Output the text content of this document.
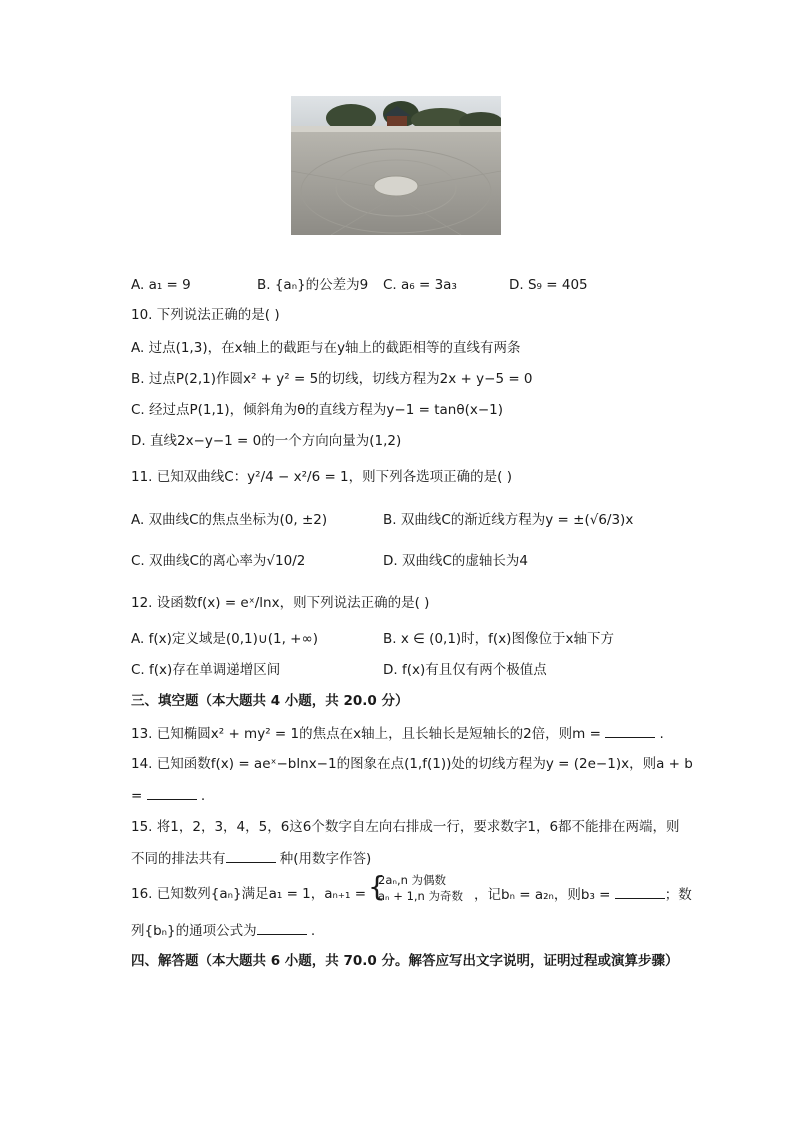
A. a₁ = 9	B. {aₙ}的公差为9 C. a₆ = 3a₃	D. S₉ = 405
10. 下列说法正确的是( )
A. 过点(1,3)，在x轴上的截距与在y轴上的截距相等的直线有两条
B. 过点P(2,1)作圆x² + y² = 5的切线，切线方程为2x + y−5 = 0
C. 经过点P(1,1)，倾斜角为θ的直线方程为y−1 = tanθ(x−1)
D. 直线2x−y−1 = 0的一个方向向量为(1,2)
11. 已知双曲线C：y²/4 − x²/6 = 1，则下列各选项正确的是( )
A. 双曲线C的焦点坐标为(0, ±2)	B. 双曲线C的渐近线方程为y = ±(√6/3)x
C. 双曲线C的离心率为√10/2	D. 双曲线C的虚轴长为4
12. 设函数f(x) = eˣ/lnx，则下列说法正确的是( )
A. f(x)定义域是(0,1)∪(1, +∞)	B. x ∈ (0,1)时，f(x)图像位于x轴下方
C. f(x)存在单调递增区间	D. f(x)有且仅有两个极值点
三、填空题（本大题共 4 小题，共 20.0 分）
13. 已知椭圆x² + my² = 1的焦点在x轴上，且长轴长是短轴长的2倍，则m =	.
14. 已知函数f(x) = aeˣ−blnx−1的图象在点(1,f(1))处的切线方程为y = (2e−1)x，则a + b
=	.
15. 将1，2，3，4，5，6这6个数字自左向右排成一行，要求数字1，6都不能排在两端，则
不同的排法共有	种(用数字作答)
16. 已知数列{aₙ}满足a₁ = 1，aₙ₊₁ = {
2aₙ,n 为偶数
aₙ + 1,n 为奇数 ，记bₙ = a₂ₙ，则b₃ =	；数
列{bₙ}的通项公式为	.
四、解答题（本大题共 6 小题，共 70.0 分。解答应写出文字说明，证明过程或演算步骤）
